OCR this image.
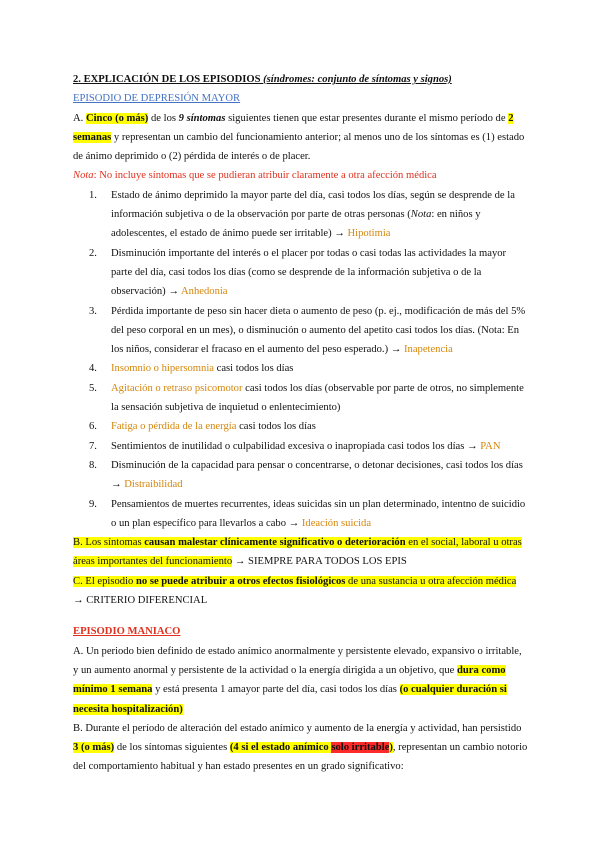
2. EXPLICACIÓN DE LOS EPISODIOS (síndromes: conjunto de síntomas y signos)

EPISODIO DE DEPRESIÓN MAYOR

A. Cinco (o más) de los 9 síntomas siguientes tienen que estar presentes durante el mismo período de 2 semanas y representan un cambio del funcionamiento anterior; al menos uno de los síntomas es (1) estado de ánimo deprimido o (2) pérdida de interés o de placer.

Nota: No incluye síntomas que se pudieran atribuir claramente a otra afección médica

1. Estado de ánimo deprimido la mayor parte del día, casi todos los días, según se desprende de la información subjetiva o de la observación por parte de otras personas (Nota: en niños y adolescentes, el estado de ánimo puede ser irritable) → Hipotimia
2. Disminución importante del interés o el placer por todas o casi todas las actividades la mayor parte del día, casi todos los días (como se desprende de la información subjetiva o de la observación) → Anhedonia
3. Pérdida importante de peso sin hacer dieta o aumento de peso (p. ej., modificación de más del 5% del peso corporal en un mes), o disminución o aumento del apetito casi todos los días. (Nota: En los niños, considerar el fracaso en el aumento del peso esperado.) → Inapetencia
4. Insomnio o hipersomnia casi todos los días
5. Agitación o retraso psicomotor casi todos los días (observable por parte de otros, no simplemente la sensación subjetiva de inquietud o enlentecimiento)
6. Fatiga o pérdida de la energía casi todos los días
7. Sentimientos de inutilidad o culpabilidad excesiva o inapropiada casi todos los días → PAN
8. Disminución de la capacidad para pensar o concentrarse, o detonar decisiones, casi todos los días → Distraibilidad
9. Pensamientos de muertes recurrentes, ideas suicidas sin un plan determinado, intentno de suicidio o un plan específico para llevarlos a cabo → Ideación suicida

B. Los síntomas causan malestar clínicamente significativo o deterioración en el social, laboral u otras áreas importantes del funcionamiento → SIEMPRE PARA TODOS LOS EPIS

C. El episodio no se puede atribuir a otros efectos fisiológicos de una sustancia u otra afección médica → CRITERIO DIFERENCIAL

EPISODIO MANIACO

A. Un periodo bien definido de estado anímico anormalmente y persistente elevado, expansivo o irritable, y un aumento anormal y persistente de la actividad o la energía dirigida a un objetivo, que dura como mínimo 1 semana y está presenta 1 amayor parte del día, casi todos los días (o cualquier duración si necesita hospitalización)

B. Durante el período de alteración del estado anímico y aumento de la energía y actividad, han persistido 3 (o más) de los síntomas siguientes (4 si el estado anímico solo irritable), representan un cambio notorio del comportamiento habitual y han estado presentes en un grado significativo:
